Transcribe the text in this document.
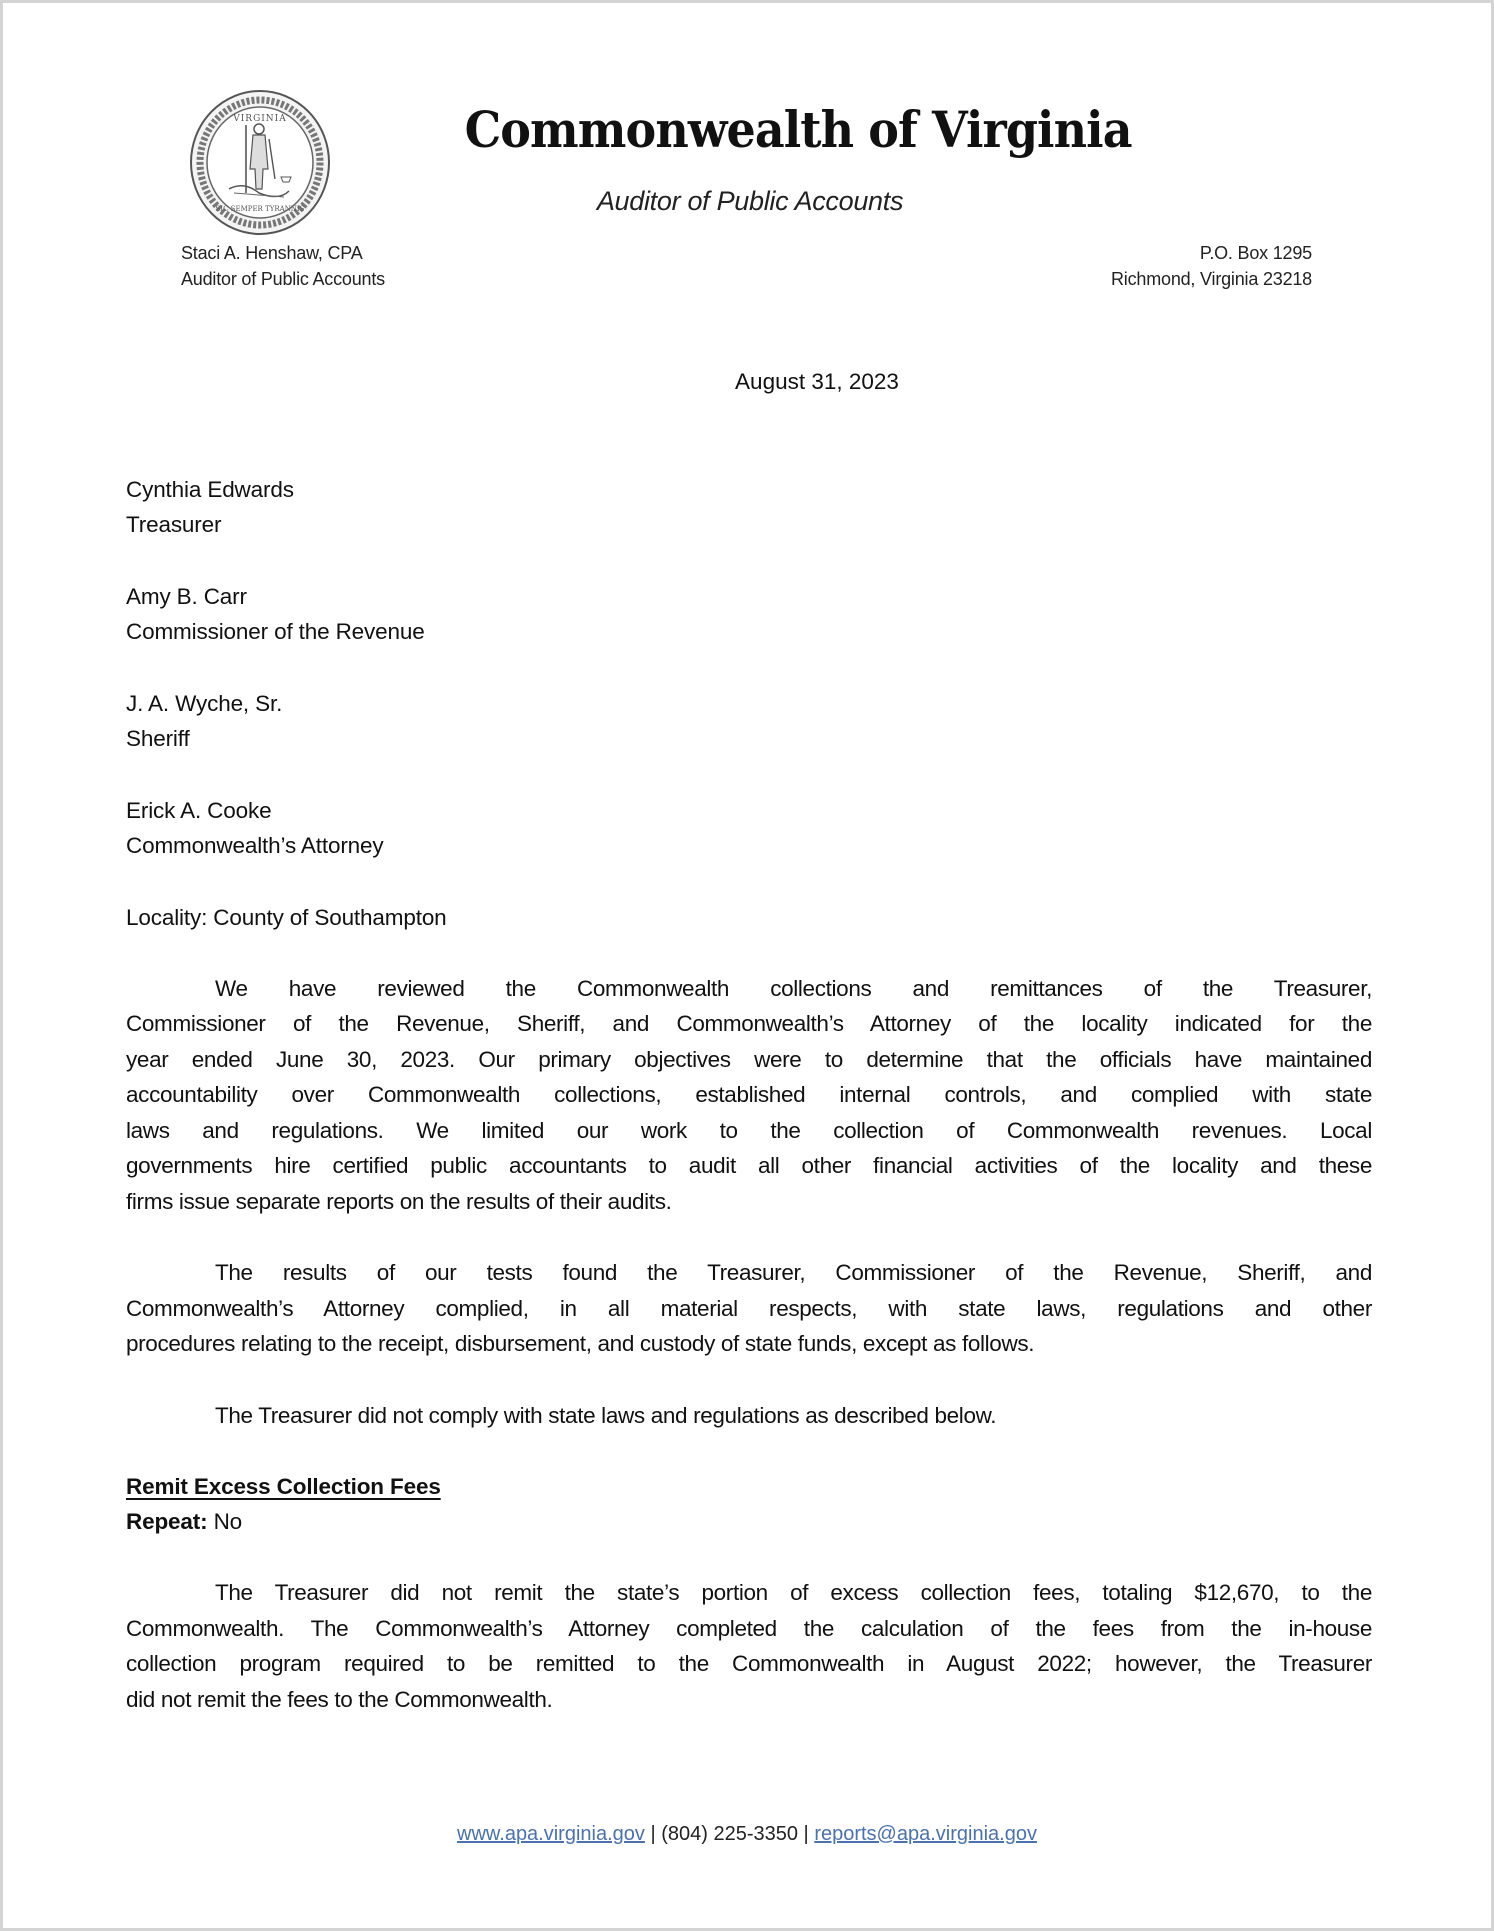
VIRGINIA
SIC SEMPER TYRANNIS
Commonwealth of Virginia
Auditor of Public Accounts
Staci A. Henshaw, CPA
Auditor of Public Accounts
P.O. Box 1295
Richmond, Virginia 23218
August 31, 2023
Cynthia Edwards
Treasurer
Amy B. Carr
Commissioner of the Revenue
J. A. Wyche, Sr.
Sheriff
Erick A. Cooke
Commonwealth’s Attorney
Locality: County of Southampton
We have reviewed the Commonwealth collections and remittances of the Treasurer,
Commissioner of the Revenue, Sheriff, and Commonwealth’s Attorney of the locality indicated for the
year ended June 30, 2023. Our primary objectives were to determine that the officials have maintained
accountability over Commonwealth collections, established internal controls, and complied with state
laws and regulations. We limited our work to the collection of Commonwealth revenues. Local
governments hire certified public accountants to audit all other financial activities of the locality and these
firms issue separate reports on the results of their audits.
The results of our tests found the Treasurer, Commissioner of the Revenue, Sheriff, and
Commonwealth’s Attorney complied, in all material respects, with state laws, regulations and other
procedures relating to the receipt, disbursement, and custody of state funds, except as follows.
The Treasurer did not comply with state laws and regulations as described below.
Remit Excess Collection Fees
Repeat: No
The Treasurer did not remit the state’s portion of excess collection fees, totaling $12,670, to the
Commonwealth. The Commonwealth’s Attorney completed the calculation of the fees from the in-house
collection program required to be remitted to the Commonwealth in August 2022; however, the Treasurer
did not remit the fees to the Commonwealth.
www.apa.virginia.gov | (804) 225-3350 | reports@apa.virginia.gov
